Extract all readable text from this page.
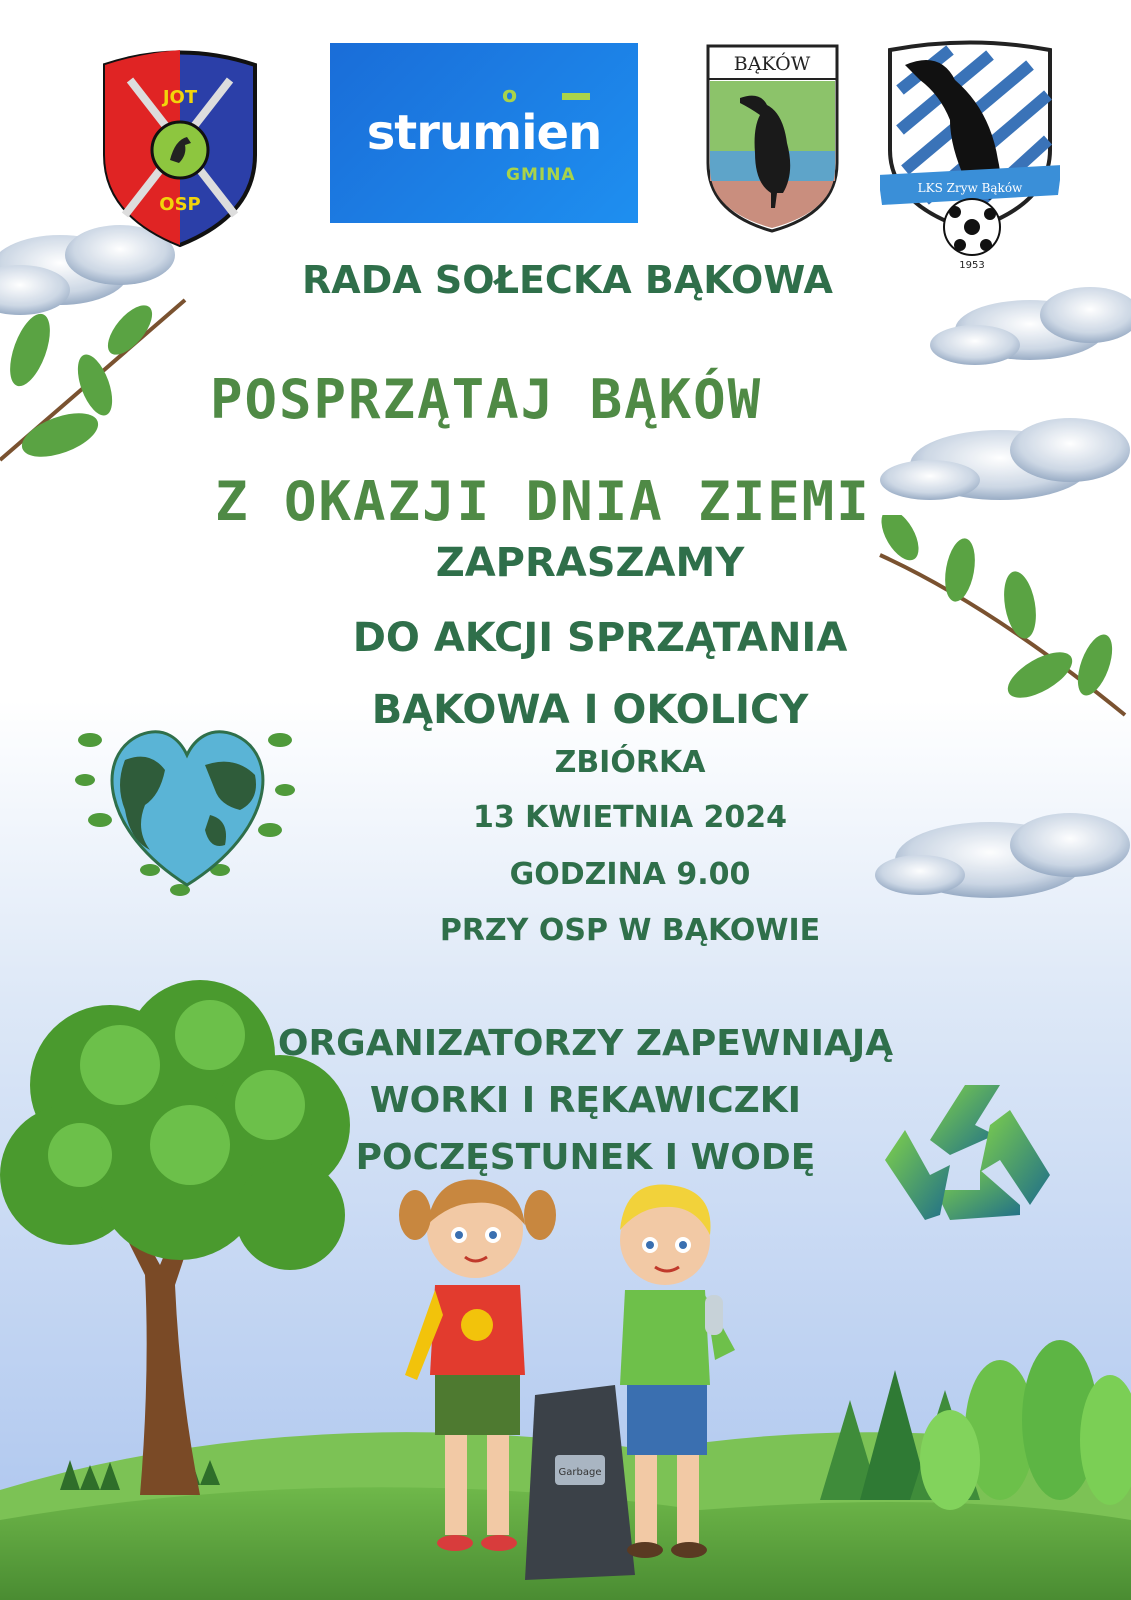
JOT
OSP
o
strumien
GMINA
BĄKÓW
LKS Zryw Bąków
1953
RADA SOŁECKA BĄKOWA
POSPRZĄTAJ BĄKÓW
Z OKAZJI DNIA ZIEMI
ZAPRASZAMY
DO AKCJI SPRZĄTANIA
BĄKOWA I OKOLICY
ZBIÓRKA
13 KWIETNIA 2024
GODZINA 9.00
PRZY OSP W BĄKOWIE
ORGANIZATORZY ZAPEWNIAJĄ
WORKI I RĘKAWICZKI
POCZĘSTUNEK I WODĘ
Garbage
